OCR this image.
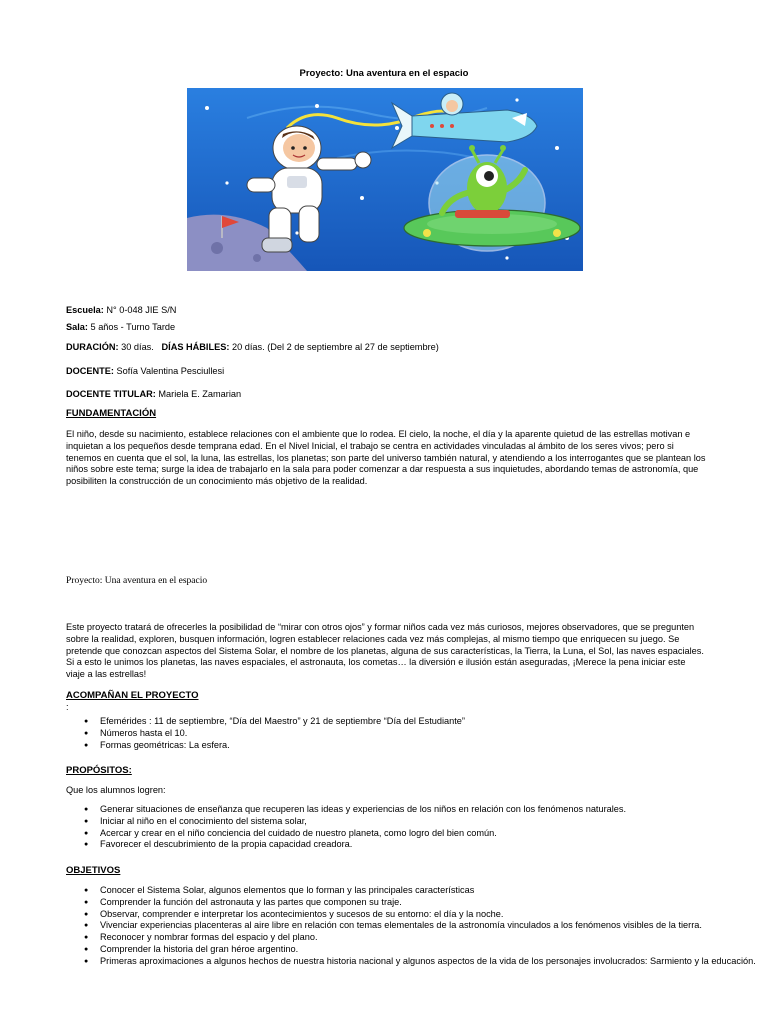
Proyecto: Una aventura en el espacio
Escuela: N° 0-048 JIE S/N
Sala: 5 años - Turno Tarde
DURACIÓN: 30 días. DÍAS HÁBILES: 20 días. (Del 2 de septiembre al 27 de septiembre)
DOCENTE: Sofía Valentina Pesciullesi
DOCENTE TITULAR: Mariela E. Zamarian
FUNDAMENTACIÓN
El niño, desde su nacimiento, establece relaciones con el ambiente que lo rodea. El cielo, la noche, el día y la aparente quietud de las estrellas motivan e inquietan a los pequeños desde temprana edad. En el Nivel Inicial, el trabajo se centra en actividades vinculadas al ámbito de los seres vivos; pero si tenemos en cuenta que el sol, la luna, las estrellas, los planetas; son parte del universo también natural, y atendiendo a los interrogantes que se plantean los niños sobre este tema; surge la idea de trabajarlo en la sala para poder comenzar a dar respuesta a sus inquietudes, abordando temas de astronomía, que posibiliten la construcción de un conocimiento más objetivo de la realidad.
Proyecto: Una aventura en el espacio
Este proyecto tratará de ofrecerles la posibilidad de “mirar con otros ojos” y formar niños cada vez más curiosos, mejores observadores, que se pregunten sobre la realidad, exploren, busquen información, logren establecer relaciones cada vez más complejas, al mismo tiempo que enriquecen su juego. Se pretende que conozcan aspectos del Sistema Solar, el nombre de los planetas, alguna de sus características, la Tierra, la Luna, el Sol, las naves espaciales. Si a esto le unimos los planetas, las naves espaciales, el astronauta, los cometas… la diversión e ilusión están aseguradas, ¡Merece la pena iniciar este viaje a las estrellas!
ACOMPAÑAN EL PROYECTO
:
● Efemérides : 11 de septiembre, “Día del Maestro” y 21 de septiembre “Día del Estudiante”
● Números hasta el 10.
● Formas geométricas: La esfera.
PROPÓSITOS:
Que los alumnos logren:
● Generar situaciones de enseñanza que recuperen las ideas y experiencias de los niños en relación con los fenómenos naturales.
● Iniciar al niño en el conocimiento del sistema solar,
● Acercar y crear en el niño conciencia del cuidado de nuestro planeta, como logro del bien común.
● Favorecer el descubrimiento de la propia capacidad creadora.
OBJETIVOS
● Conocer el Sistema Solar, algunos elementos que lo forman y las principales características
● Comprender la función del astronauta y las partes que componen su traje.
● Observar, comprender e interpretar los acontecimientos y sucesos de su entorno: el día y la noche.
● Vivenciar experiencias placenteras al aire libre en relación con temas elementales de la astronomía vinculados a los fenómenos visibles de la tierra.
● Reconocer y nombrar formas del espacio y del plano.
● Comprender la historia del gran héroe argentino.
● Primeras aproximaciones a algunos hechos de nuestra historia nacional y algunos aspectos de la vida de los personajes involucrados: Sarmiento y la educación.
